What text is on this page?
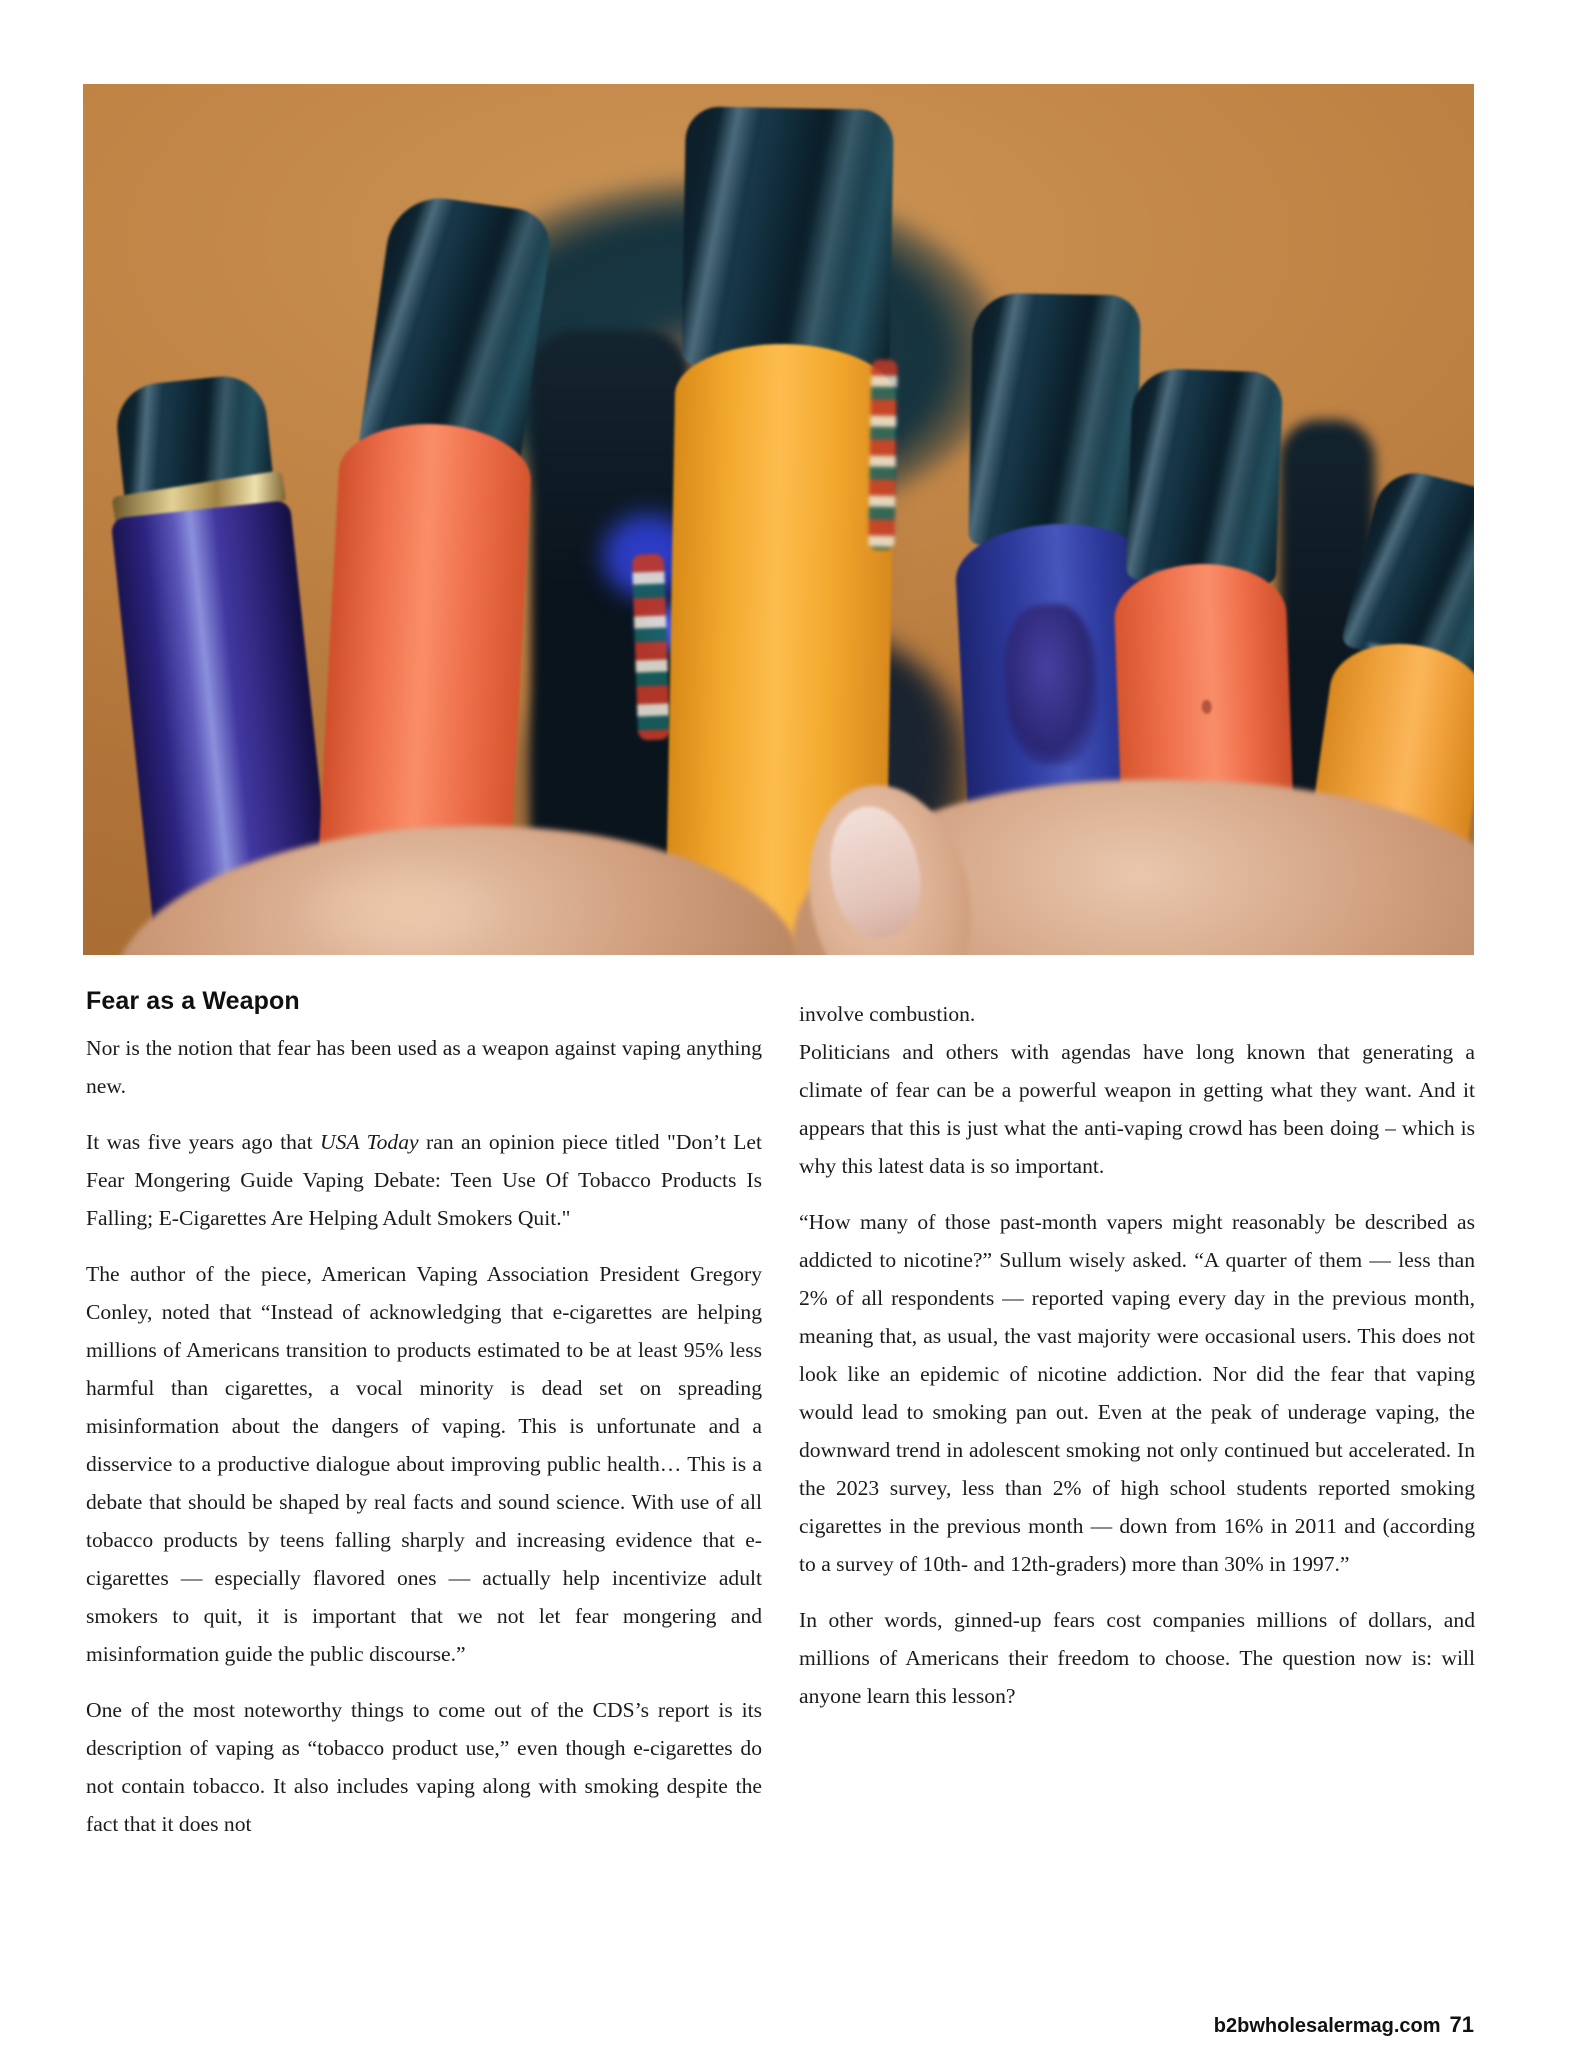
Fear as a Weapon

Nor is the notion that fear has been used as a weapon against vaping anything new.

It was five years ago that USA Today ran an opinion piece titled "Don’t Let Fear Mongering Guide Vaping Debate: Teen Use Of Tobacco Products Is Falling; E-Cigarettes Are Helping Adult Smokers Quit."

The author of the piece, American Vaping Association President Gregory Conley, noted that “Instead of acknowledging that e-cigarettes are helping millions of Americans transition to products estimated to be at least 95% less harmful than cigarettes, a vocal minority is dead set on spreading misinformation about the dangers of vaping. This is unfortunate and a disservice to a productive dialogue about improving public health… This is a debate that should be shaped by real facts and sound science. With use of all tobacco products by teens falling sharply and increasing evidence that e-cigarettes — especially flavored ones — actually help incentivize adult smokers to quit, it is important that we not let fear mongering and misinformation guide the public discourse.”

One of the most noteworthy things to come out of the CDS’s report is its description of vaping as “tobacco product use,” even though e-cigarettes do not contain tobacco. It also includes vaping along with smoking despite the fact that it does not

involve combustion.

Politicians and others with agendas have long known that generating a climate of fear can be a powerful weapon in getting what they want. And it appears that this is just what the anti-vaping crowd has been doing – which is why this latest data is so important.

“How many of those past-month vapers might reasonably be described as addicted to nicotine?” Sullum wisely asked. “A quarter of them — less than 2% of all respondents — reported vaping every day in the previous month, meaning that, as usual, the vast majority were occasional users. This does not look like an epidemic of nicotine addiction. Nor did the fear that vaping would lead to smoking pan out. Even at the peak of underage vaping, the downward trend in adolescent smoking not only continued but accelerated. In the 2023 survey, less than 2% of high school students reported smoking cigarettes in the previous month — down from 16% in 2011 and (according to a survey of 10th- and 12th-graders) more than 30% in 1997.”

In other words, ginned-up fears cost companies millions of dollars, and millions of Americans their freedom to choose. The question now is: will anyone learn this lesson?

b2bwholesalermag.com 71
